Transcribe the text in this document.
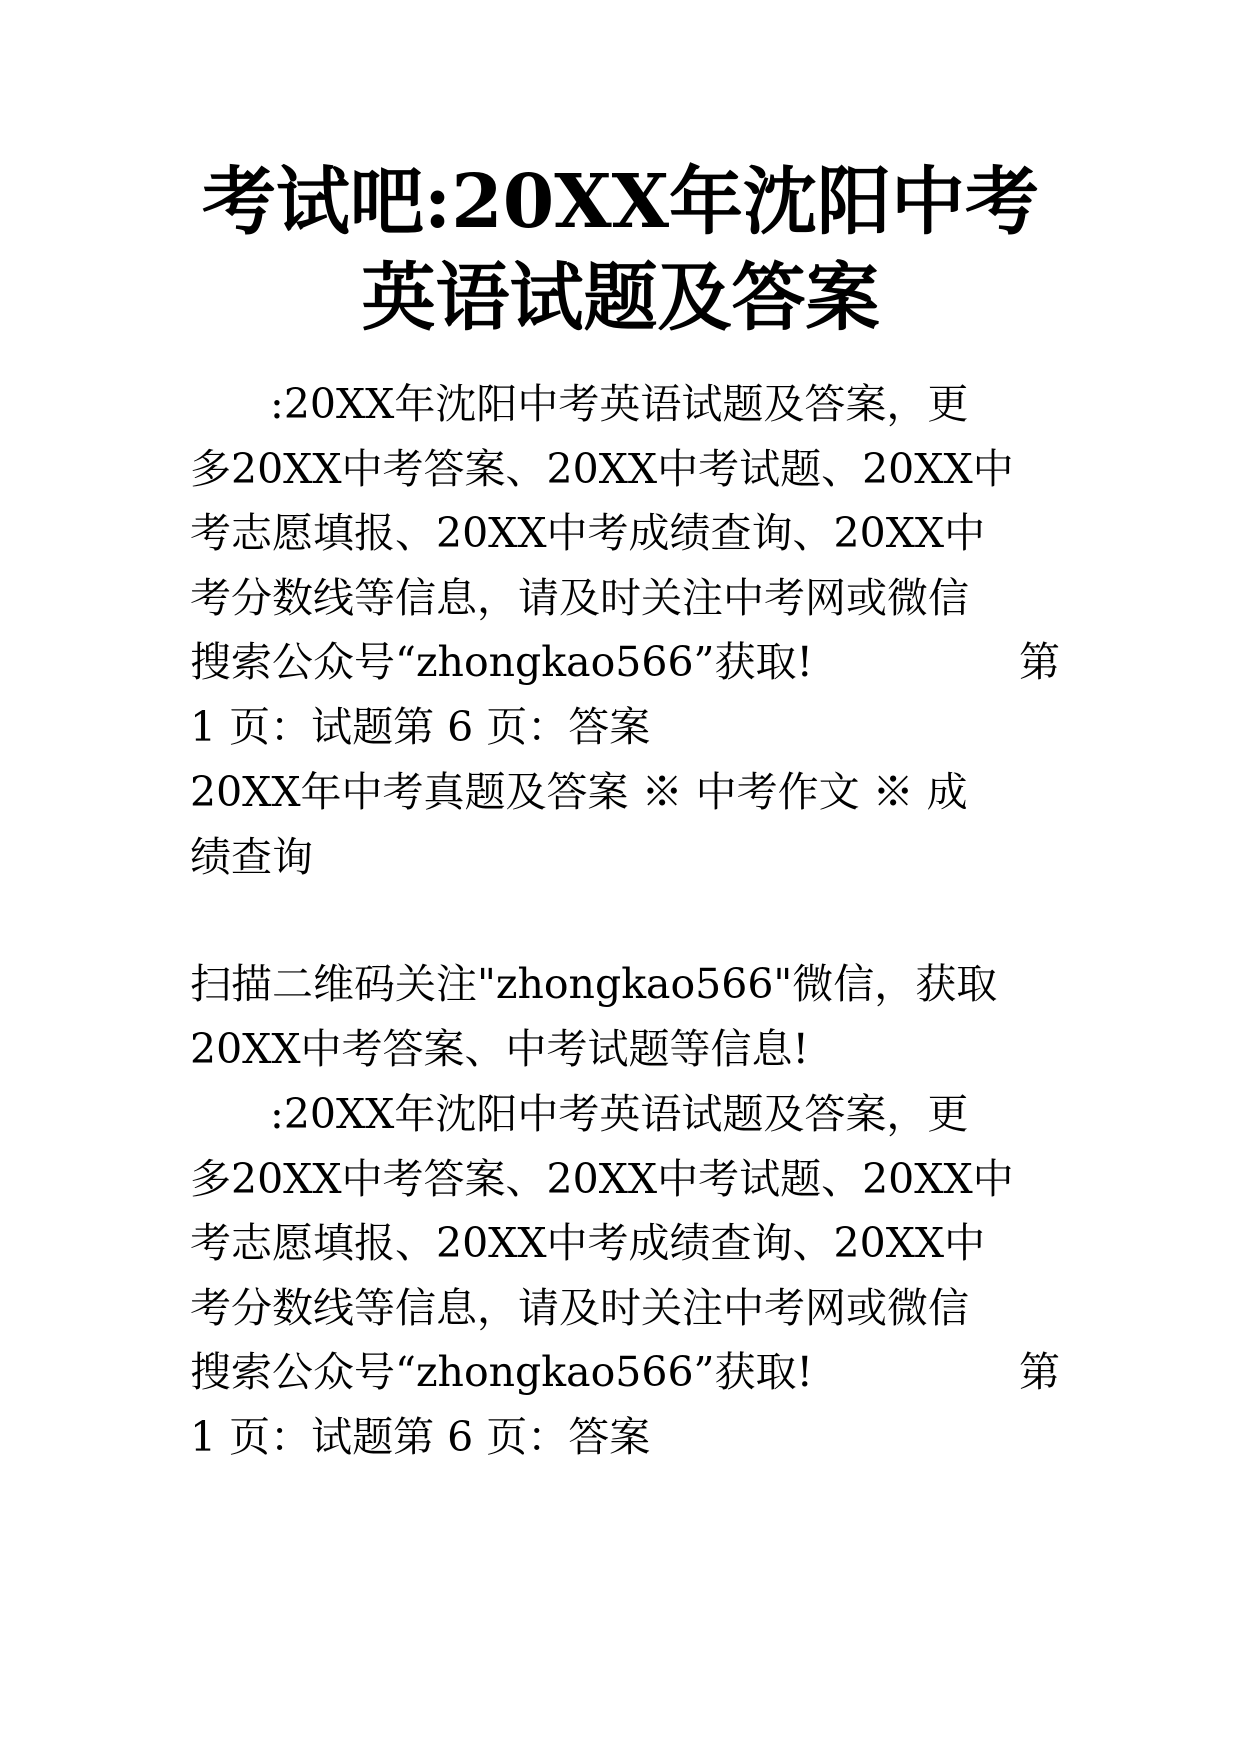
考试吧:20XX年沈阳中考
英语试题及答案
:20XX年沈阳中考英语试题及答案，更
多20XX中考答案、20XX中考试题、20XX中
考志愿填报、20XX中考成绩查询、20XX中
考分数线等信息，请及时关注中考网或微信
搜索公众号“zhongkao566”获取!	第
1 页：试题第 6 页：答案
20XX年中考真题及答案 ※ 中考作文 ※ 成
绩查询
扫描二维码关注"zhongkao566"微信，获取
20XX中考答案、中考试题等信息!
:20XX年沈阳中考英语试题及答案，更
多20XX中考答案、20XX中考试题、20XX中
考志愿填报、20XX中考成绩查询、20XX中
考分数线等信息，请及时关注中考网或微信
搜索公众号“zhongkao566”获取!	第
1 页：试题第 6 页：答案
